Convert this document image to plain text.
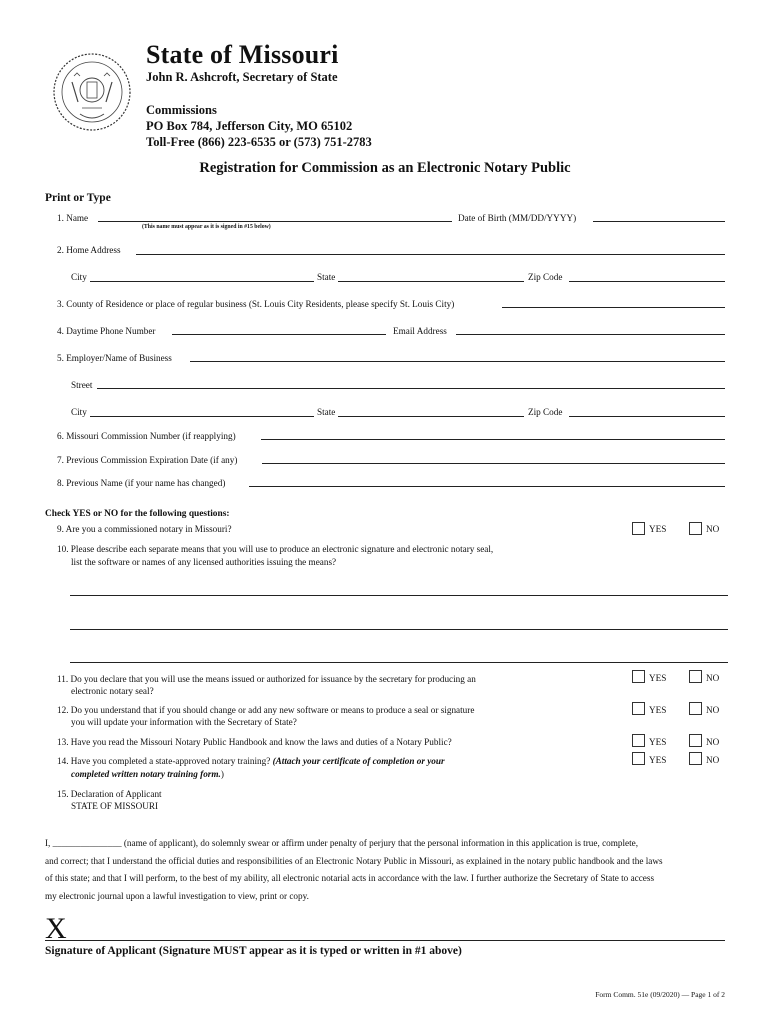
State of Missouri
John R. Ashcroft, Secretary of State
Commissions
PO Box 784, Jefferson City, MO 65102
Toll-Free (866) 223-6535 or (573) 751-2783
Registration for Commission as an Electronic Notary Public
Print or Type
1. Name
(This name must appear as it is signed in #15 below)
Date of Birth (MM/DD/YYYY)
2. Home Address
City	State	Zip Code
3. County of Residence or place of regular business (St. Louis City Residents, please specify St. Louis City)
4. Daytime Phone Number	Email Address
5. Employer/Name of Business
Street
City	State	Zip Code
6. Missouri Commission Number (if reapplying)
7. Previous Commission Expiration Date (if any)
8. Previous Name (if your name has changed)
Check YES or NO for the following questions:
9. Are you a commissioned notary in Missouri?	YES	NO
10. Please describe each separate means that you will use to produce an electronic signature and electronic notary seal,
list the software or names of any licensed authorities issuing the means?
11. Do you declare that you will use the means issued or authorized for issuance by the secretary for producing an
electronic notary seal?
YES	NO
12. Do you understand that if you should change or add any new software or means to produce a seal or signature
you will update your information with the Secretary of State?
YES	NO
13. Have you read the Missouri Notary Public Handbook and know the laws and duties of a Notary Public?	YES	NO
14. Have you completed a state-approved notary training? (Attach your certificate of completion or your
completed written notary training form.)
YES	NO
15. Declaration of Applicant
STATE OF MISSOURI
I, _______________ (name of applicant), do solemnly swear or affirm under penalty of perjury that the personal information in this application is true, complete,
and correct; that I understand the official duties and responsibilities of an Electronic Notary Public in Missouri, as explained in the notary public handbook and the laws
of this state; and that I will perform, to the best of my ability, all electronic notarial acts in accordance with the law. I further authorize the Secretary of State to access
my electronic journal upon a lawful investigation to view, print or copy.
X
Signature of Applicant (Signature MUST appear as it is typed or written in #1 above)
Form Comm. 51e (09/2020) — Page 1 of 2
